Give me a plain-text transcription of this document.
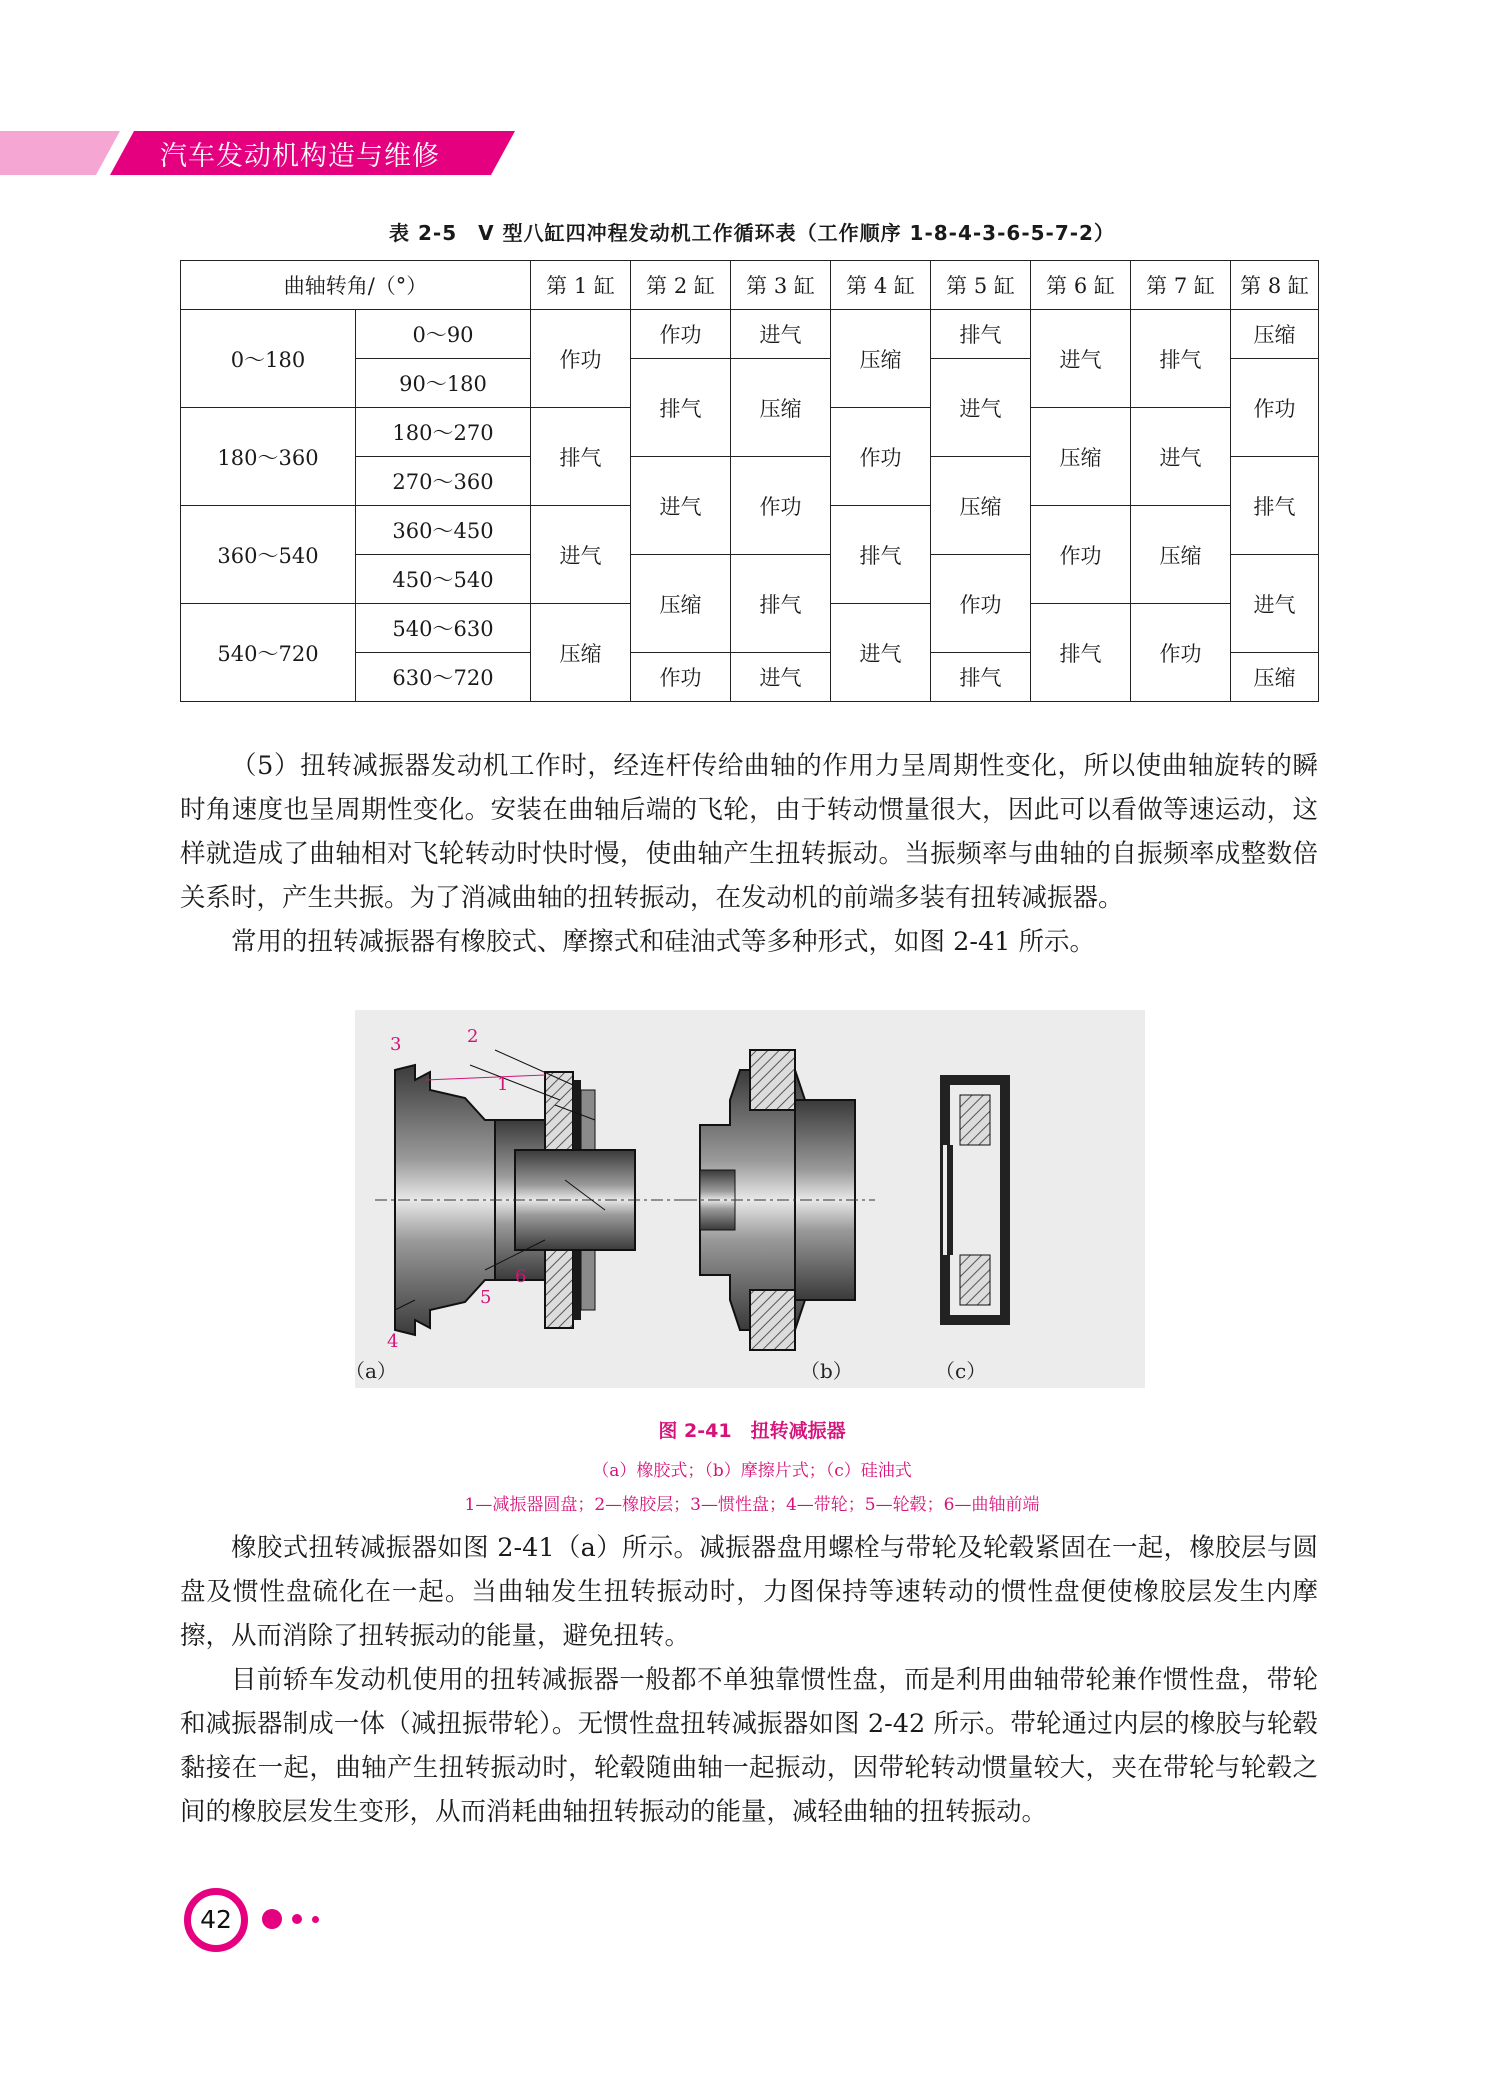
汽车发动机构造与维修
表 2-5　V 型八缸四冲程发动机工作循环表（工作顺序 1-8-4-3-6-5-7-2）
曲轴转角/（°）		第 1 缸	第 2 缸	第 3 缸	第 4 缸	第 5 缸	第 6 缸	第 7 缸	第 8 缸
0～180	0～90	作功	作功	进气	压缩	排气	进气	排气	压缩
	90～180		排气	压缩		进气			作功
180～360	180～270	排气			作功		压缩	进气	
	270～360		进气	作功		压缩			排气
360～540	360～450	进气			排气		作功	压缩	
	450～540		压缩	排气		作功			进气
540～720	540～630	压缩			进气		排气	作功	
	630～720		作功	进气		排气			压缩

（5）扭转减振器发动机工作时，经连杆传给曲轴的作用力呈周期性变化，所以使曲轴旋转的瞬时角速度也呈周期性变化。安装在曲轴后端的飞轮，由于转动惯量很大，因此可以看做等速运动，这样就造成了曲轴相对飞轮转动时快时慢，使曲轴产生扭转振动。当振频率与曲轴的自振频率成整数倍关系时，产生共振。为了消减曲轴的扭转振动，在发动机的前端多装有扭转减振器。

常用的扭转减振器有橡胶式、摩擦式和硅油式等多种形式，如图 2-41 所示。

3	2
1
6
5
4
（a）	（b）	（c）
图 2-41　扭转减振器
（a）橡胶式；（b）摩擦片式；（c）硅油式
1—减振器圆盘；2—橡胶层；3—惯性盘；4—带轮；5—轮毂；6—曲轴前端

橡胶式扭转减振器如图 2-41（a）所示。减振器盘用螺栓与带轮及轮毂紧固在一起，橡胶层与圆盘及惯性盘硫化在一起。当曲轴发生扭转振动时，力图保持等速转动的惯性盘便使橡胶层发生内摩擦，从而消除了扭转振动的能量，避免扭转。

目前轿车发动机使用的扭转减振器一般都不单独靠惯性盘，而是利用曲轴带轮兼作惯性盘，带轮和减振器制成一体（减扭振带轮）。无惯性盘扭转减振器如图 2-42 所示。带轮通过内层的橡胶与轮毂黏接在一起，曲轴产生扭转振动时，轮毂随曲轴一起振动，因带轮转动惯量较大，夹在带轮与轮毂之间的橡胶层发生变形，从而消耗曲轴扭转振动的能量，减轻曲轴的扭转振动。

42
